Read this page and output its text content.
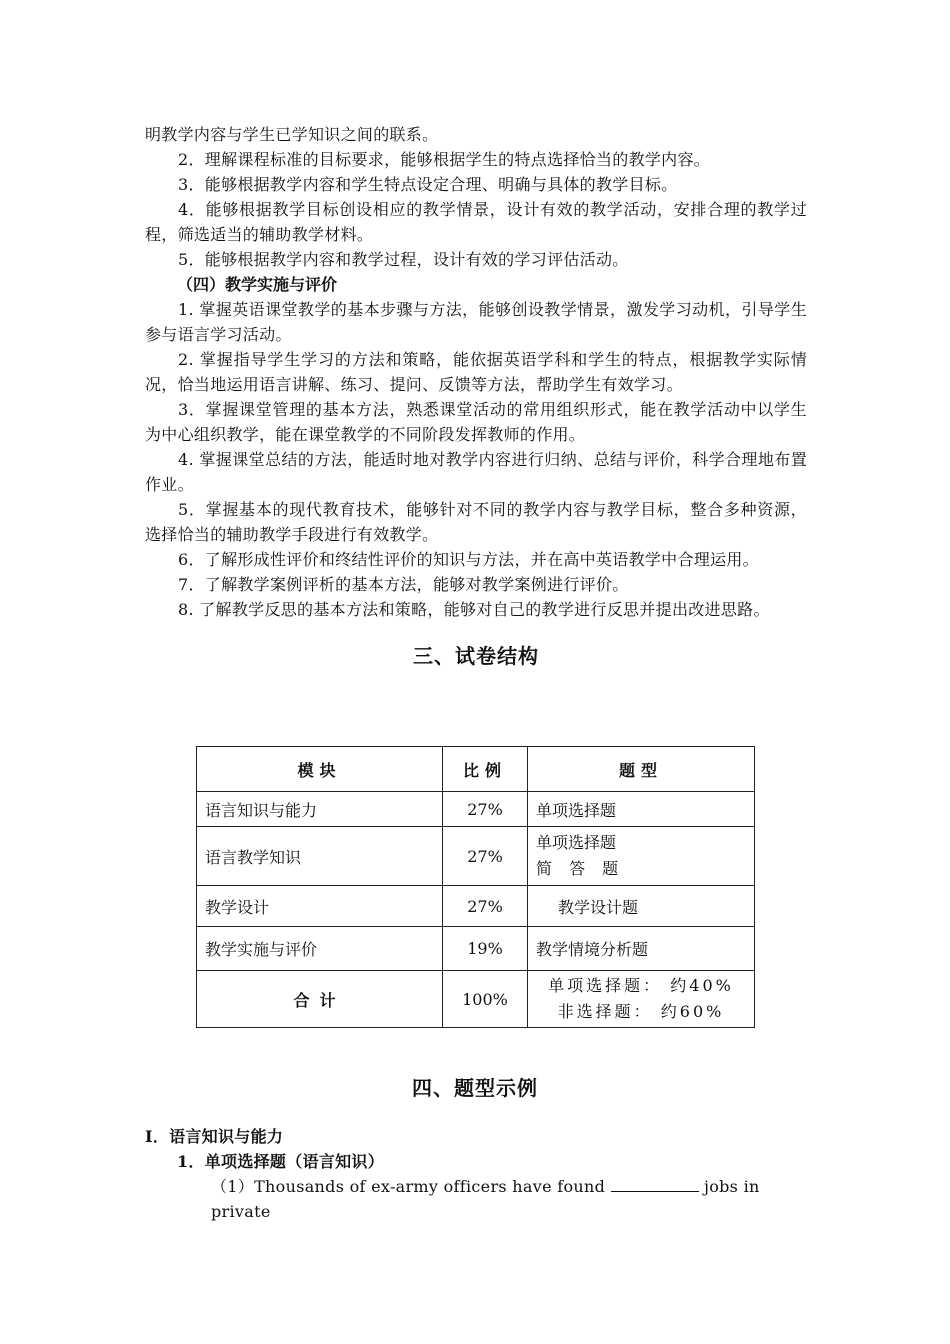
明教学内容与学生已学知识之间的联系。

2．理解课程标准的目标要求，能够根据学生的特点选择恰当的教学内容。

3．能够根据教学内容和学生特点设定合理、明确与具体的教学目标。

4．能够根据教学目标创设相应的教学情景，设计有效的教学活动，安排合理的教学过程，筛选适当的辅助教学材料。

5．能够根据教学内容和教学过程，设计有效的学习评估活动。

（四）教学实施与评价

1. 掌握英语课堂教学的基本步骤与方法，能够创设教学情景，激发学习动机，引导学生参与语言学习活动。

2. 掌握指导学生学习的方法和策略，能依据英语学科和学生的特点，根据教学实际情况，恰当地运用语言讲解、练习、提问、反馈等方法，帮助学生有效学习。

3．掌握课堂管理的基本方法，熟悉课堂活动的常用组织形式，能在教学活动中以学生为中心组织教学，能在课堂教学的不同阶段发挥教师的作用。

4. 掌握课堂总结的方法，能适时地对教学内容进行归纳、总结与评价，科学合理地布置作业。

5．掌握基本的现代教育技术，能够针对不同的教学内容与教学目标，整合多种资源，选择恰当的辅助教学手段进行有效教学。

6．了解形成性评价和终结性评价的知识与方法，并在高中英语教学中合理运用。

7．了解教学案例评析的基本方法，能够对教学案例进行评价。

8. 了解教学反思的基本方法和策略，能够对自己的教学进行反思并提出改进思路。

三、试卷结构

模块	比例	题型
语言知识与能力	27%	单项选择题
语言教学知识	27%	单项选择题
简 答 题

教学设计	27%	教学设计题
教学实施与评价	19%	教学情境分析题
合计	100%	单项选择题： 约40%
非选择题： 约60%

四、题型示例

I．语言知识与能力

1．单项选择题（语言知识）

（1）Thousands of ex-army officers have found	jobs in private
